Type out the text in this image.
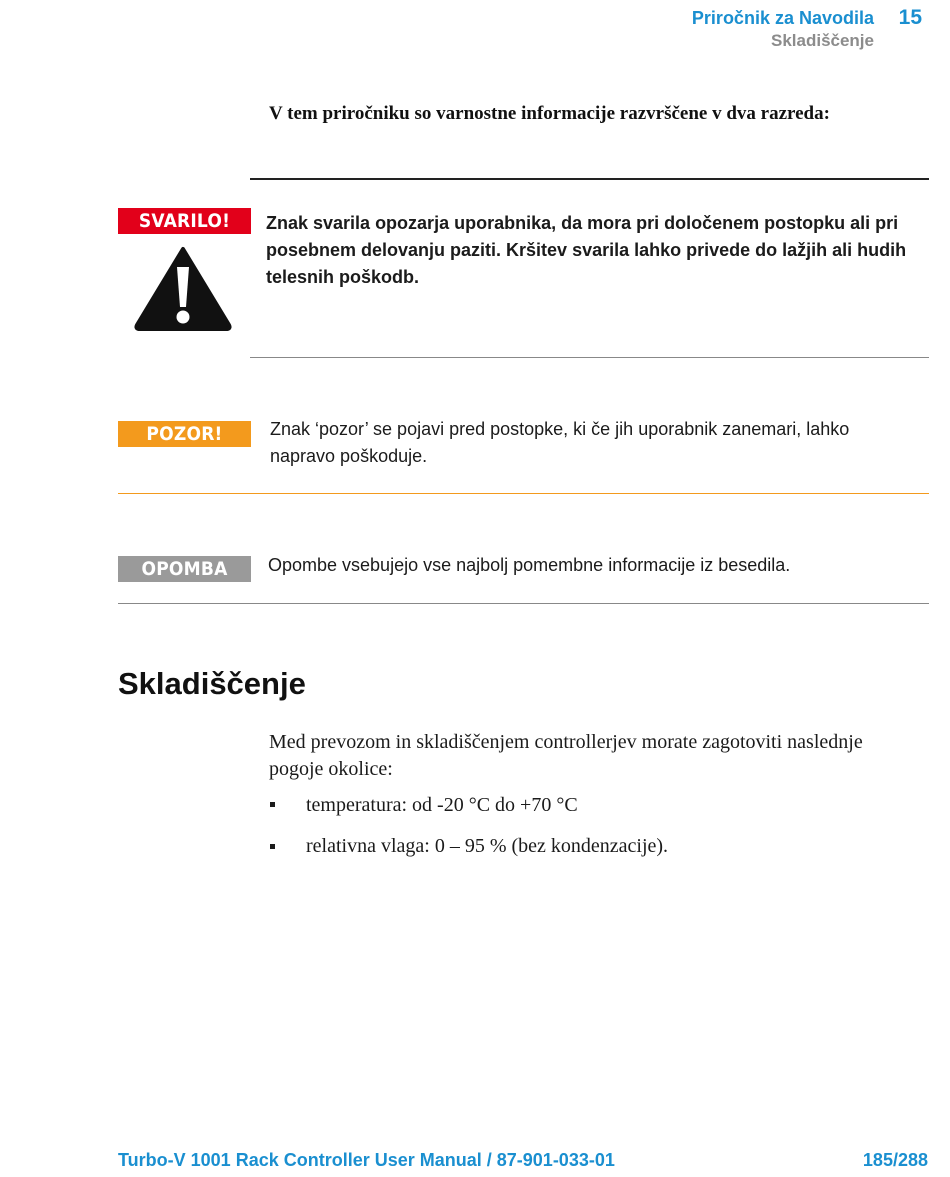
Priročnik za Navodila
Skladiščenje
15
V tem priročniku so varnostne informacije razvrščene v dva razreda:
SVARILO!	Znak svarila opozarja uporabnika, da mora pri določenem postopku ali pri posebnem delovanju paziti. Kršitev svarila lahko privede do lažjih ali hudih telesnih poškodb.
POZOR!	Znak ‘pozor’ se pojavi pred postopke, ki če jih uporabnik zanemari, lahko napravo poškoduje.
OPOMBA	Opombe vsebujejo vse najbolj pomembne informacije iz besedila.
Skladiščenje
Med prevozom in skladiščenjem controllerjev morate zagotoviti naslednje pogoje okolice:
temperatura: od -20 °C do +70 °C
relativna vlaga: 0 – 95 % (bez kondenzacije).
Turbo-V 1001 Rack Controller User Manual / 87-901-033-01	185/288
